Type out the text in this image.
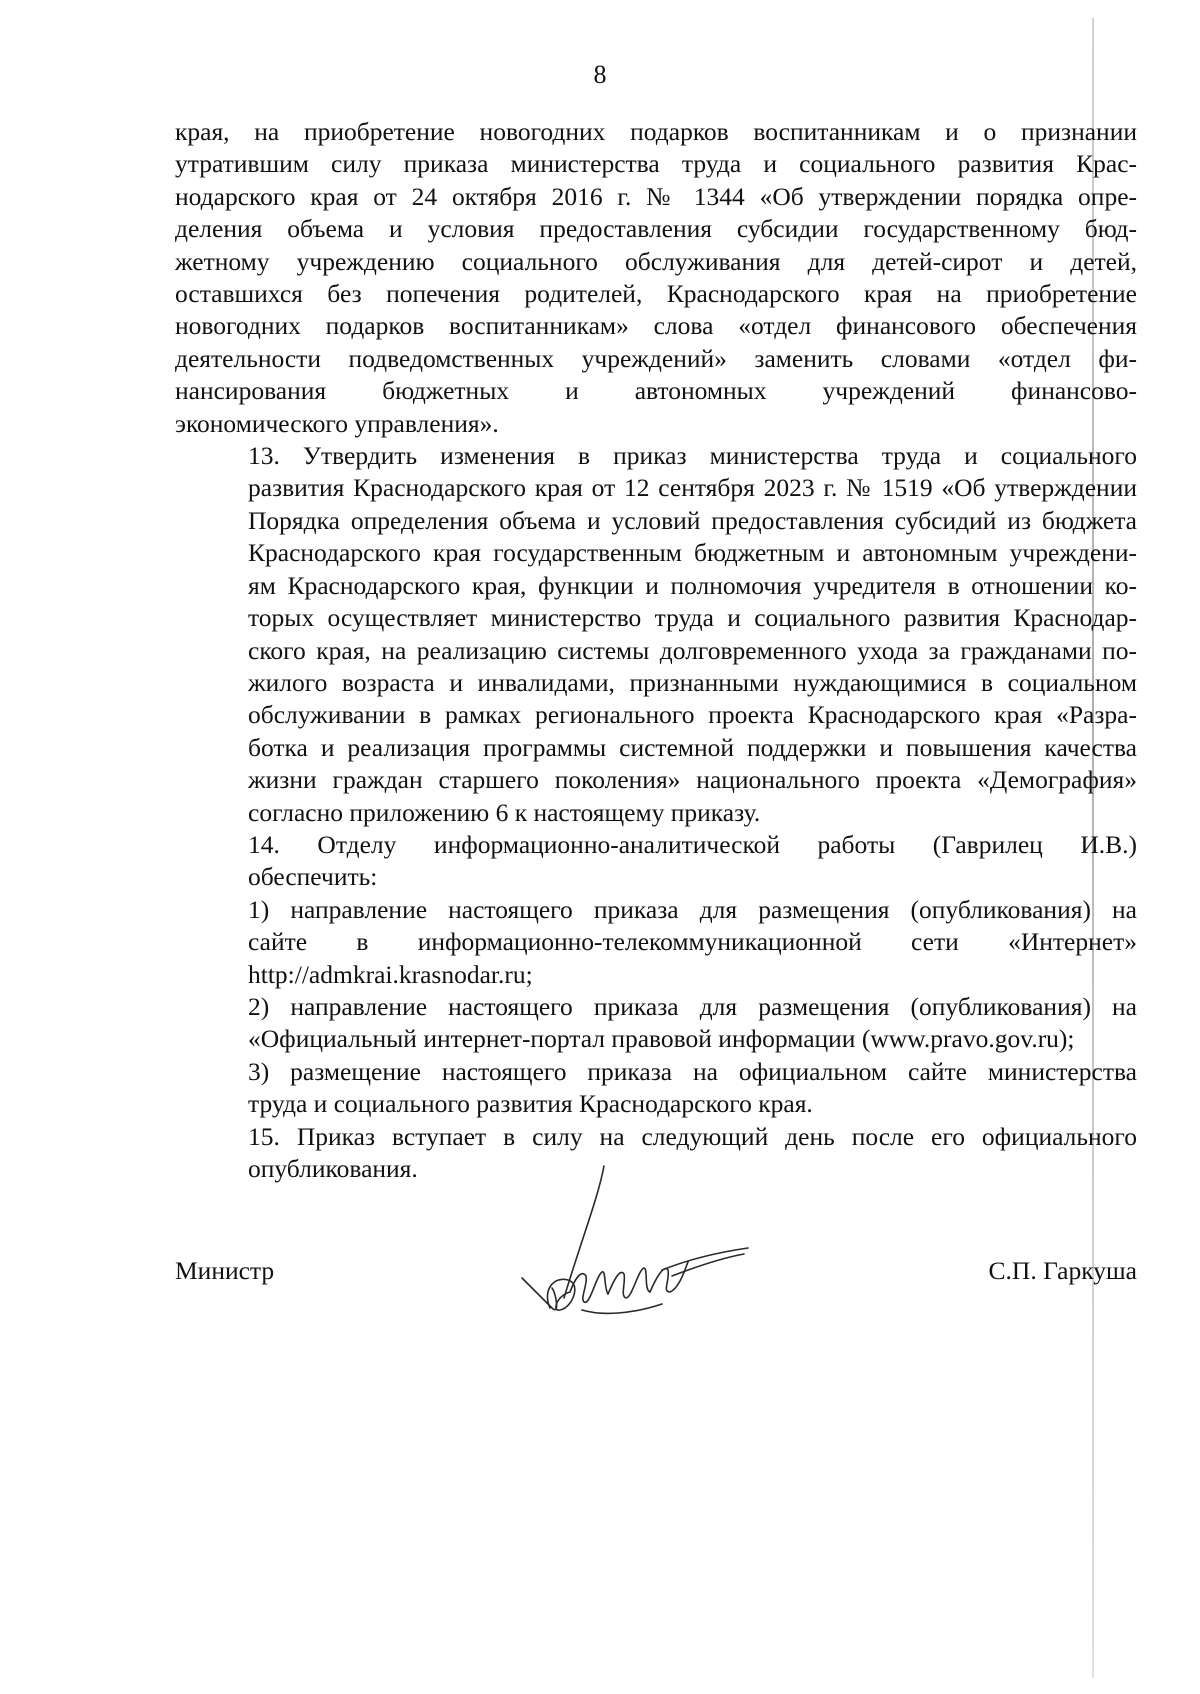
8

края, на приобретение новогодних подарков воспитанникам и о признании
утратившим силу приказа министерства труда и социального развития Крас-
нодарского края от 24 октября 2016 г. № 1344 «Об утверждении порядка опре-
деления объема и условия предоставления субсидии государственному бюд-
жетному учреждению социального обслуживания для детей-сирот и детей,
оставшихся без попечения родителей, Краснодарского края на приобретение
новогодних подарков воспитанникам» слова «отдел финансового обеспечения
деятельности подведомственных учреждений» заменить словами «отдел фи-
нансирования бюджетных и автономных учреждений финансово-
экономического управления».

13. Утвердить изменения в приказ министерства труда и социального
развития Краснодарского края от 12 сентября 2023 г. № 1519 «Об утверждении
Порядка определения объема и условий предоставления субсидий из бюджета
Краснодарского края государственным бюджетным и автономным учреждени-
ям Краснодарского края, функции и полномочия учредителя в отношении ко-
торых осуществляет министерство труда и социального развития Краснодар-
ского края, на реализацию системы долговременного ухода за гражданами по-
жилого возраста и инвалидами, признанными нуждающимися в социальном
обслуживании в рамках регионального проекта Краснодарского края «Разра-
ботка и реализация программы системной поддержки и повышения качества
жизни граждан старшего поколения» национального проекта «Демография»
согласно приложению 6 к настоящему приказу.

14. Отделу информационно-аналитической работы (Гаврилец И.В.)
обеспечить:

1) направление настоящего приказа для размещения (опубликования) на
сайте в информационно-телекоммуникационной сети «Интернет»
http://admkrai.krasnodar.ru;

2) направление настоящего приказа для размещения (опубликования) на
«Официальный интернет-портал правовой информации (www.pravo.gov.ru);

3) размещение настоящего приказа на официальном сайте министерства
труда и социального развития Краснодарского края.

15. Приказ вступает в силу на следующий день после его официального
опубликования.

Министр	С.П. Гаркуша
